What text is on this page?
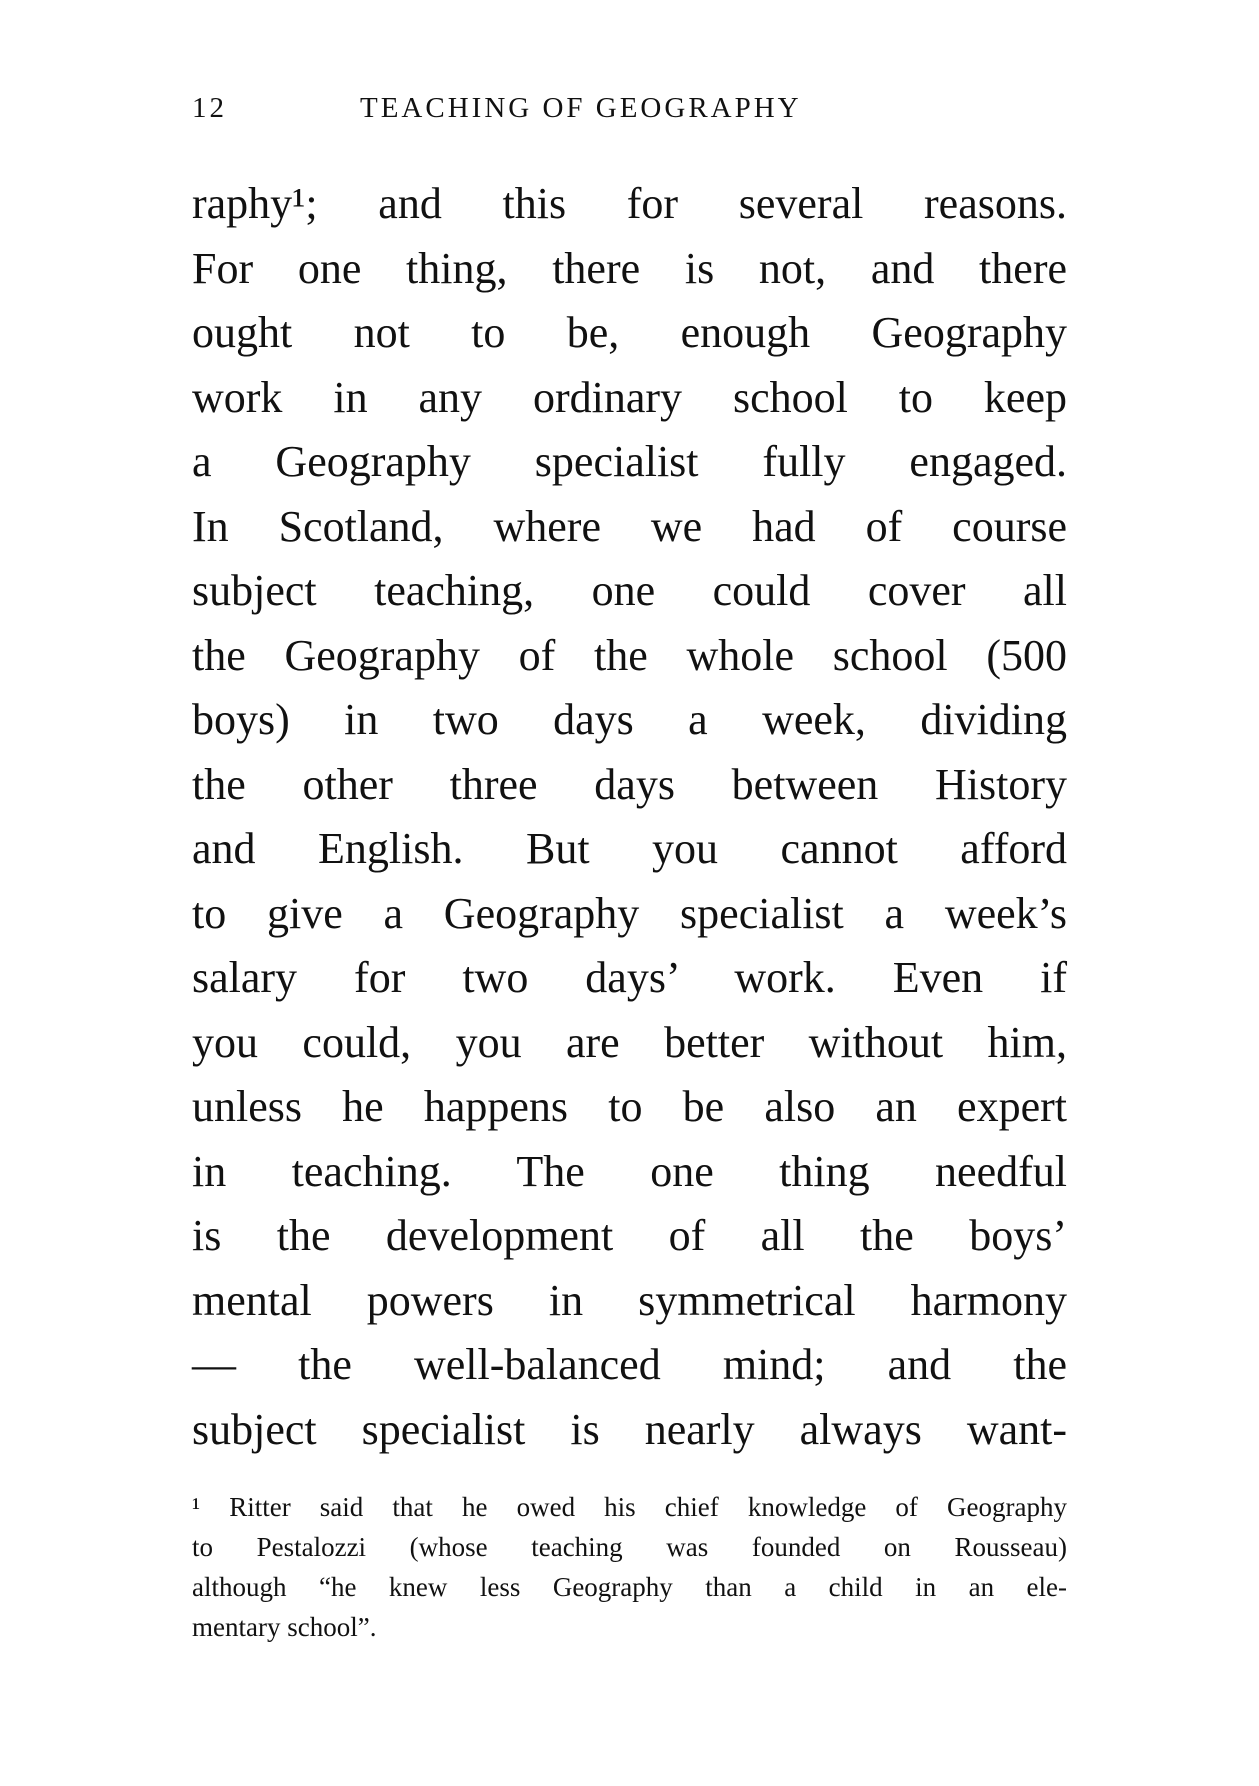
12	TEACHING OF GEOGRAPHY
raphy¹; and this for several reasons.
For one thing, there is not, and there
ought not to be, enough Geography
work in any ordinary school to keep
a Geography specialist fully engaged.
In Scotland, where we had of course
subject teaching, one could cover all
the Geography of the whole school (500
boys) in two days a week, dividing
the other three days between History
and English. But you cannot afford
to give a Geography specialist a week’s
salary for two days’ work. Even if
you could, you are better without him,
unless he happens to be also an expert
in teaching. The one thing needful
is the development of all the boys’
mental powers in symmetrical harmony
— the well-balanced mind; and the
subject specialist is nearly always want-
¹ Ritter said that he owed his chief knowledge of Geography
to Pestalozzi (whose teaching was founded on Rousseau)
although “he knew less Geography than a child in an ele-
mentary school”.
